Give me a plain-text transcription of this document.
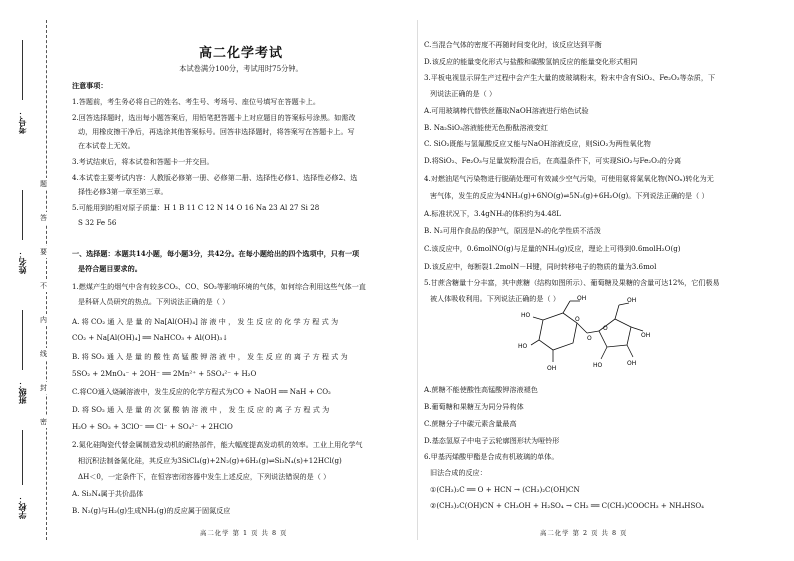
考号：
姓名：
班级：
学校：
题
答
要
不
内
线
封
密
高二化学考试
本试卷满分100分，考试用时75分钟。
注意事项：
1.答题前，考生务必将自己的姓名、考生号、考场号、座位号填写在答题卡上。
2.回答选择题时，选出每小题答案后，用铅笔把答题卡上对应题目的答案标号涂黑。如需改
动，用橡皮擦干净后，再选涂其他答案标号。回答非选择题时，将答案写在答题卡上。写
在本试卷上无效。
3.考试结束后，将本试卷和答题卡一并交回。
4.本试卷主要考试内容：人教版必修第一册、必修第二册、选择性必修1、选择性必修2、选
择性必修3第一章至第三章。
5.可能用到的相对原子质量：H 1 B 11 C 12 N 14 O 16 Na 23 Al 27 Si 28
S 32 Fe 56
一、选择题：本题共14小题，每小题3分，共42分。在每小题给出的四个选项中，只有一项
是符合题目要求的。
1.燃煤产生的烟气中含有较多CO₂、CO、SO₂等影响环境的气体，如何综合利用这些气体一直
是科研人员研究的热点。下列说法正确的是（ ）
A. 将 CO₂ 通 入 是 量 的 Na[Al(OH)₄] 溶 液 中 ， 发 生 反 应 的 化 学 方 程 式 为
CO₂ + Na[Al(OH)₄] ══ NaHCO₃ + Al(OH)₃↓
B. 将 SO₂ 通 入 是 量 的 酸 性 高 锰 酸 钾 溶 液 中 ， 发 生 反 应 的 离 子 方 程 式 为
5SO₂ + 2MnO₄⁻ + 2OH⁻ ══ 2Mn²⁺ + 5SO₄²⁻ + H₂O
C.将CO通入烧碱溶液中，发生反应的化学方程式为CO + NaOH ══ NaH + CO₂
D. 将 SO₂ 通 入 是 量 的 次 氯 酸 钠 溶 液 中 ， 发 生 反 应 的 离 子 方 程 式 为
H₂O + SO₂ + 3ClO⁻ ══ Cl⁻ + SO₄²⁻ + 2HClO
2.氮化硅陶瓷代替金属制造发动机的耐热部件，能大幅度提高发动机的效率。工业上用化学气
相沉积法制备氮化硅，其反应为3SiCl₄(g)+2N₂(g)+6H₂(g)⇌Si₃N₄(s)+12HCl(g)
ΔH＜0，一定条件下，在恒容密闭容器中发生上述反应，下列说法错误的是（ ）
A. Si₃N₄属于共价晶体
B. N₂(g)与H₂(g)生成NH₃(g)的反应属于固氮反应
C.当混合气体的密度不再随时间变化时，该反应达到平衡
D.该反应的能量变化形式与盐酸和碳酸氢钠反应的能量变化形式相同
3.平板电视显示屏生产过程中会产生大量的废玻璃粉末，粉末中含有SiO₂、Fe₂O₃等杂质，下
列说法正确的是（ ）
A.可用玻璃棒代替铁丝蘸取NaOH溶液进行焰色试验
B. Na₂SiO₃溶液能使无色酚酞溶液变红
C. SiO₂既能与氢氟酸反应又能与NaOH溶液反应，则SiO₂为两性氧化物
D.将SiO₂、Fe₂O₃与足量炭粉混合后，在高温条件下，可实现SiO₂与Fe₂O₃的分离
4.对燃油尾气污染物进行脱硝处理可有效减少空气污染，可使用氨将氮氧化物(NOₓ)转化为无
害气体，发生的反应为4NH₃(g)+6NO(g)⇌5N₂(g)+6H₂O(g)。下列说法正确的是（ ）
A.标准状况下，3.4gNH₃的体积约为4.48L
B. N₂可用作食品的保护气，原因是N₂的化学性质不活泼
C.该反应中，0.6molNO(g)与足量的NH₃(g)反应，理论上可得到0.6molH₂O(g)
D.该反应中，每断裂1.2molN－H键，同时转移电子的物质的量为3.6mol
5.甘蔗含糖量十分丰富，其中蔗糖（结构如图所示）、葡萄糖及果糖的含量可达12%，它们极易
被人体吸收利用。下列说法正确的是（ ）
A.蔗糖不能使酸性高锰酸钾溶液褪色
B.葡萄糖和果糖互为同分异构体
C.蔗糖分子中碳元素含量最高
D.基态氢原子中电子云轮廓图形状为哑铃形
6.甲基丙烯酸甲酯是合成有机玻璃的单体。
旧法合成的反应：
①(CH₃)₂C ══ O + HCN → (CH₃)₂C(OH)CN
②(CH₃)₂C(OH)CN + CH₃OH + H₂SO₄ → CH₂ ══ C(CH₃)COOCH₃ + NH₄HSO₄
OH
HO
OH
HO
O
O
O
OH
OH
OH
HO
高二化学 第 1 页 共 8 页	高二化学 第 2 页 共 8 页
